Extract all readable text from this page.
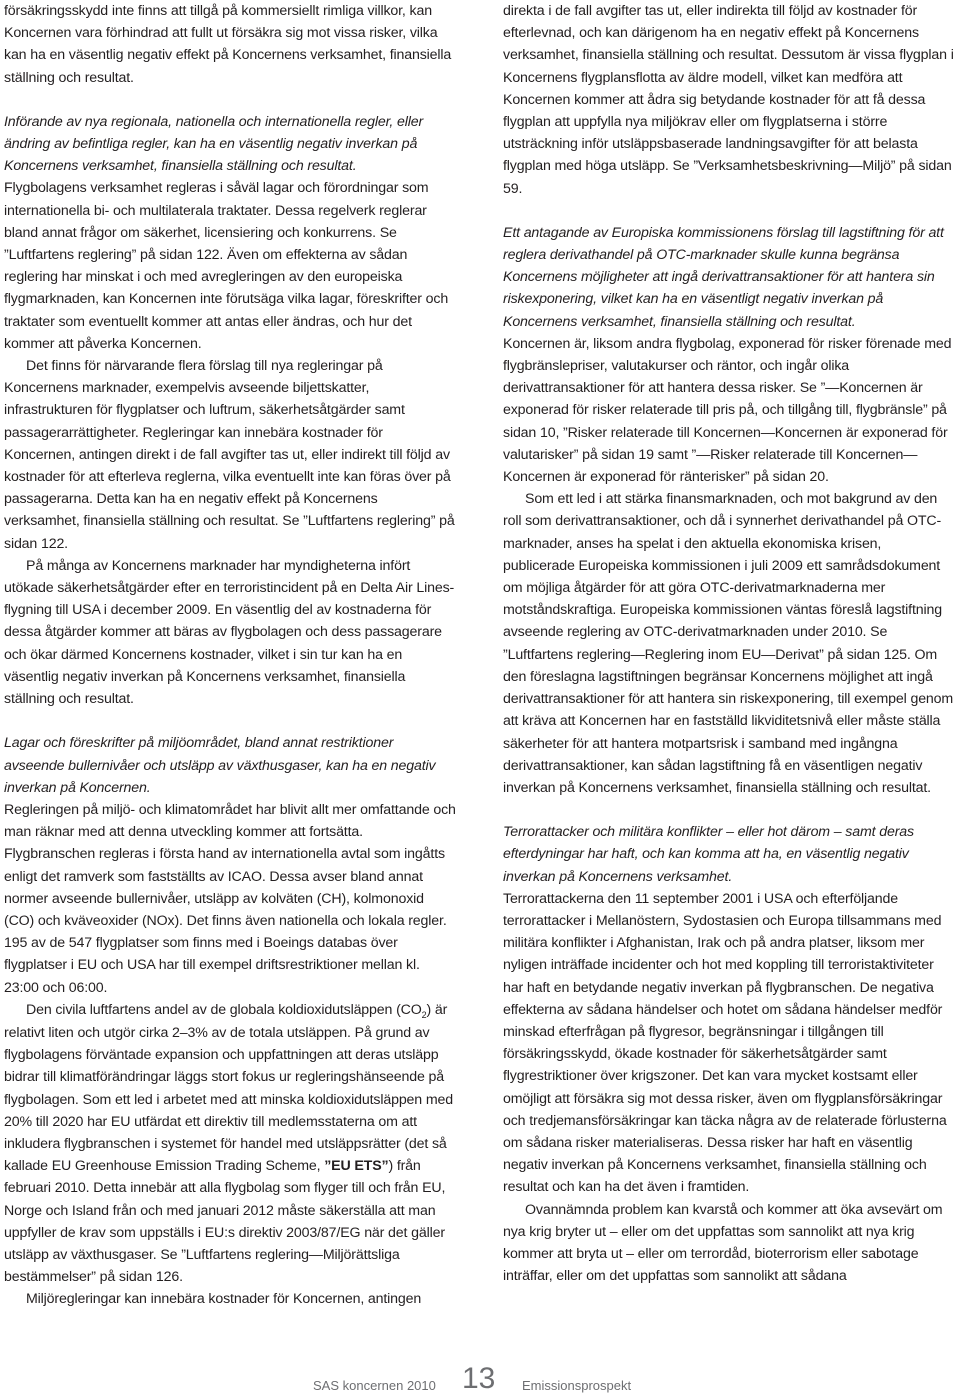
försäkringsskydd inte finns att tillgå på kommersiellt rimliga villkor, kan Koncernen vara förhindrad att fullt ut försäkra sig mot vissa risker, vilka kan ha en väsentlig negativ effekt på Koncernens verksamhet, finansiella ställning och resultat.

Införande av nya regionala, nationella och internationella regler, eller ändring av befintliga regler, kan ha en väsentlig negativ inverkan på Koncernens verksamhet, finansiella ställning och resultat.

Flygbolagens verksamhet regleras i såväl lagar och förordningar som internationella bi- och multilaterala traktater. Dessa regelverk reglerar bland annat frågor om säkerhet, licensiering och konkurrens. Se ”Luftfartens reglering” på sidan 122. Även om effekterna av sådan reglering har minskat i och med avregleringen av den europeiska flygmarknaden, kan Koncernen inte förutsäga vilka lagar, föreskrifter och traktater som eventuellt kommer att antas eller ändras, och hur det kommer att påverka Koncernen.

Det finns för närvarande flera förslag till nya regleringar på Koncernens marknader, exempelvis avseende biljettskatter, infrastrukturen för flygplatser och luftrum, säkerhetsåtgärder samt passagerarrättigheter. Regleringar kan innebära kostnader för Koncernen, antingen direkt i de fall avgifter tas ut, eller indirekt till följd av kostnader för att efterleva reglerna, vilka eventuellt inte kan föras över på passagerarna. Detta kan ha en negativ effekt på Koncernens verksamhet, finansiella ställning och resultat. Se ”Luftfartens reglering” på sidan 122.

På många av Koncernens marknader har myndigheterna infört utökade säkerhetsåtgärder efter en terroristincident på en Delta Air Lines-flygning till USA i december 2009. En väsentlig del av kostnaderna för dessa åtgärder kommer att bäras av flygbolagen och dess passagerare och ökar därmed Koncernens kostnader, vilket i sin tur kan ha en väsentlig negativ inverkan på Koncernens verksamhet, finansiella ställning och resultat.

Lagar och föreskrifter på miljöområdet, bland annat restriktioner avseende bullernivåer och utsläpp av växthusgaser, kan ha en negativ inverkan på Koncernen.

Regleringen på miljö- och klimatområdet har blivit allt mer omfattande och man räknar med att denna utveckling kommer att fortsätta. Flygbranschen regleras i första hand av internationella avtal som ingåtts enligt det ramverk som fastställts av ICAO. Dessa avser bland annat normer avseende bullernivåer, utsläpp av kolväten (CH), kolmonoxid (CO) och kväveoxider (NOx). Det finns även nationella och lokala regler. 195 av de 547 flygplatser som finns med i Boeings databas över flygplatser i EU och USA har till exempel driftsrestriktioner mellan kl. 23:00 och 06:00.

Den civila luftfartens andel av de globala koldioxidutsläppen $(CO_2)$ är relativt liten och utgör cirka 2–3% av de totala utsläppen. På grund av flygbolagens förväntade expansion och uppfattningen att deras utsläpp bidrar till klimatförändringar läggs stort fokus ur regleringshänseende på flygbolagen. Som ett led i arbetet med att minska koldioxidutsläppen med 20% till 2020 har EU utfärdat ett direktiv till medlemsstaterna om att inkludera flygbranschen i systemet för handel med utsläppsrätter (det så kallade EU Greenhouse Emission Trading Scheme, ”EU ETS”) från februari 2010. Detta innebär att alla flygbolag som flyger till och från EU, Norge och Island från och med januari 2012 måste säkerställa att man uppfyller de krav som uppställs i EU:s direktiv 2003/87/EG när det gäller utsläpp av växthusgaser. Se ”Luftfartens reglering—Miljörättsliga bestämmelser” på sidan 126.

Miljöregleringar kan innebära kostnader för Koncernen, antingen

direkta i de fall avgifter tas ut, eller indirekta till följd av kostnader för efterlevnad, och kan därigenom ha en negativ effekt på Koncernens verksamhet, finansiella ställning och resultat. Dessutom är vissa flygplan i Koncernens flygplansflotta av äldre modell, vilket kan medföra att Koncernen kommer att ådra sig betydande kostnader för att få dessa flygplan att uppfylla nya miljökrav eller om flygplatserna i större utsträckning inför utsläppsbaserade landningsavgifter för att belasta flygplan med höga utsläpp. Se ”Verksamhetsbeskrivning—Miljö” på sidan 59.

Ett antagande av Europiska kommissionens förslag till lagstiftning för att reglera derivathandel på OTC-marknader skulle kunna begränsa Koncernens möjligheter att ingå derivattransaktioner för att hantera sin riskexponering, vilket kan ha en väsentligt negativ inverkan på Koncernens verksamhet, finansiella ställning och resultat.

Koncernen är, liksom andra flygbolag, exponerad för risker förenade med flygbränslepriser, valutakurser och räntor, och ingår olika derivattransaktioner för att hantera dessa risker. Se ”—Koncernen är exponerad för risker relaterade till pris på, och tillgång till, flygbränsle” på sidan 10, ”Risker relaterade till Koncernen—Koncernen är exponerad för valutarisker” på sidan 19 samt ”—Risker relaterade till Koncernen—Koncernen är exponerad för ränterisker” på sidan 20.

Som ett led i att stärka finansmarknaden, och mot bakgrund av den roll som derivattransaktioner, och då i synnerhet derivathandel på OTC-marknader, anses ha spelat i den aktuella ekonomiska krisen, publicerade Europeiska kommissionen i juli 2009 ett samrådsdokument om möjliga åtgärder för att göra OTC-derivatmarknaderna mer motståndskraftiga. Europeiska kommissionen väntas föreslå lagstiftning avseende reglering av OTC-derivatmarknaden under 2010. Se ”Luftfartens reglering—Reglering inom EU—Derivat” på sidan 125. Om den föreslagna lagstiftningen begränsar Koncernens möjlighet att ingå derivattransaktioner för att hantera sin riskexponering, till exempel genom att kräva att Koncernen har en fastställd likviditetsnivå eller måste ställa säkerheter för att hantera motpartsrisk i samband med ingångna derivattransaktioner, kan sådan lagstiftning få en väsentligen negativ inverkan på Koncernens verksamhet, finansiella ställning och resultat.

Terrorattacker och militära konflikter – eller hot därom – samt deras efterdyningar har haft, och kan komma att ha, en väsentlig negativ inverkan på Koncernens verksamhet.

Terrorattackerna den 11 september 2001 i USA och efterföljande terrorattacker i Mellanöstern, Sydostasien och Europa tillsammans med militära konflikter i Afghanistan, Irak och på andra platser, liksom mer nyligen inträffade incidenter och hot med koppling till terroristaktiviteter har haft en betydande negativ inverkan på flygbranschen. De negativa effekterna av sådana händelser och hotet om sådana händelser medför minskad efterfrågan på flygresor, begränsningar i tillgången till försäkringsskydd, ökade kostnader för säkerhetsåtgärder samt flygrestriktioner över krigszoner. Det kan vara mycket kostsamt eller omöjligt att försäkra sig mot dessa risker, även om flygplansförsäkringar och tredjemansförsäkringar kan täcka några av de relaterade förlusterna om sådana risker materialiseras. Dessa risker har haft en väsentlig negativ inverkan på Koncernens verksamhet, finansiella ställning och resultat och kan ha det även i framtiden.

Ovannämnda problem kan kvarstå och kommer att öka avsevärt om nya krig bryter ut – eller om det uppfattas som sannolikt att nya krig kommer att bryta ut – eller om terrordåd, bioterrorism eller sabotage inträffar, eller om det uppfattas som sannolikt att sådana

SAS koncernen 2010 13 Emissionsprospekt
